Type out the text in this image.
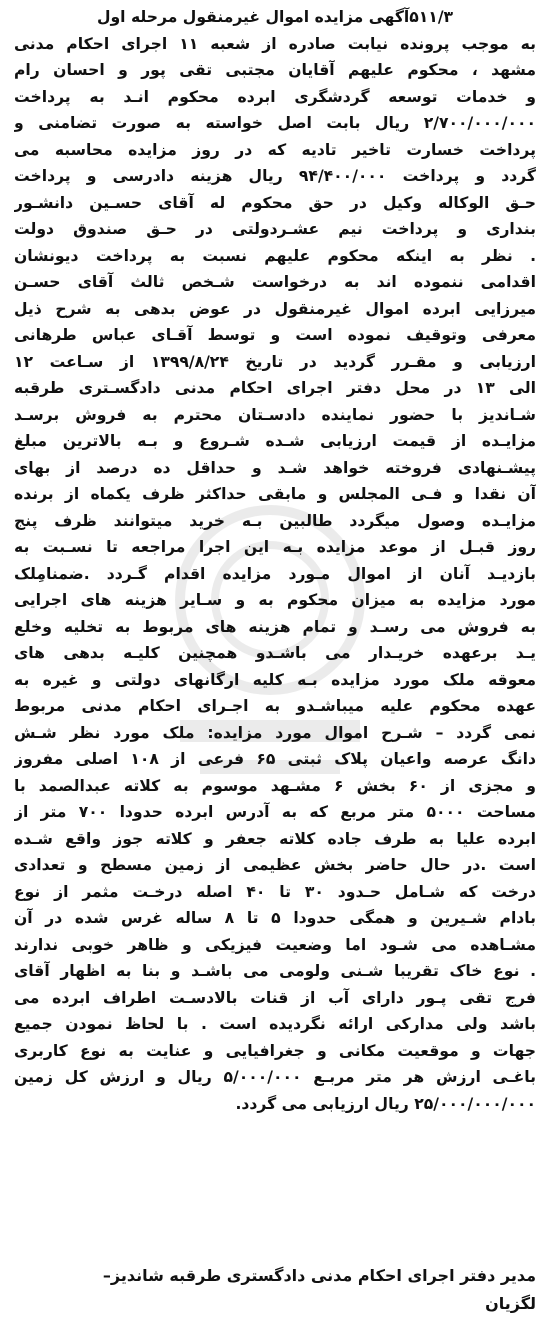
۵۱۱/۳آگهی مزایده اموال غیرمنقول مرحله اول
به موجب پرونده نیابت صادره از شعبه ۱۱ اجرای احکام مدنی
مشهد ، محکوم علیهم آقایان مجتبی تقی پور و احسان رام
و خدمات توسعه گردشگری ابرده محکوم انـد به پرداخت
۲/۷۰۰/۰۰۰/۰۰۰ ریال بابت اصل خواسته به صورت تضامنی و
پرداخت خسارت تاخیر تادیه که در روز مزایده محاسبه می
گردد و پرداخت ۹۴/۴۰۰/۰۰۰ ریال هزینه دادرسی و پرداخت
حـق الوکاله وکیل در حق محکوم له آقای حسـین دانشـور
بنداری و پرداخت نیم عشـردولتی در حـق صندوق دولت
. نظر به اینکه محکوم علیهم نسبت به پرداخت دیونشان
اقدامی ننموده اند به درخواست شـخص ثالث آقای حسـن
میرزایی ابرده اموال غیرمنقول در عوض بدهی به شرح ذیل
معرفی وتوقیف نموده است و توسط آقـای عباس طرهانی
ارزیابی و مقـرر گردید در تاریخ ۱۳۹۹/۸/۲۴ از سـاعت ۱۲
الی ۱۳ در محل دفتر اجرای احکام مدنی دادگسـتری طرقبه
شـاندیز با حضور نماینده دادسـتان محترم به فروش برسـد
مزایـده از قیمت ارزیابی شـده شـروع و بـه بالاترین مبلغ
پیشـنهادی فروخته خواهد شـد و حداقل ده درصد از بهای
آن نقدا و فـی المجلس و مابقی حداکثر ظرف یکماه از برنده
مزایـده وصول میگردد طالبین بـه خرید میتوانند ظرف پنج
روز قبـل از موعد مزایده بـه این اجرا مراجعه تا نسـبت به
بازدیـد آنان از اموال مـورد مزایده اقدام گـردد .ضمنامِلک
مورد مزایده به میزان محکوم به و سـایر هزینه های اجرایی
به فروش می رسـد و تمام هزینه های مربوط به تخلیه وخلع
یـد برعهده خریـدار می باشـدو همچنین کلیـه بدهی های
معوقه ملک مورد مزایده بـه کلیه ارگانهای دولتی و غیره به
عهده محکوم علیه میباشـدو به اجـرای احکام مدنی مربوط
نمی گردد – شـرح اموال مورد مزایده: ملک مورد نظر شـش
دانگ عرصه واعیان پلاک ثبتی ۶۵ فرعی از ۱۰۸ اصلی مفروز
و مجزی از ۶۰ بخش ۶ مشـهد موسوم به کلاته عبدالصمد با
مساحت ۵۰۰۰ متر مربع که به آدرس ابرده حدودا ۷۰۰ متر از
ابرده علیا به طرف جاده کلاته جعفر و کلاته جوز واقع شـده
است .در حال حاضر بخش عظیمی از زمین مسطح و تعدادی
درخت که شـامل حـدود ۳۰ تا ۴۰ اصله درخـت مثمر از نوع
بادام شـیرین و همگی حدودا ۵ تا ۸ ساله غرس شده در آن
مشـاهده می شـود اما وضعیت فیزیکی و ظاهر خوبی ندارند
. نوع خاک تقریبا شـنی ولومی می باشـد و بنا به اظهار آقای
فرج تقی پـور دارای آب از قنات بالادسـت اطراف ابرده می
باشد ولی مدارکی ارائه نگردیده است . با لحاظ نمودن جمیع
جهات و موقعیت مکانی و جغرافیایی و عنایت به نوع کاربری
باغـی ارزش هر متر مربـع ۵/۰۰۰/۰۰۰ ریال و ارزش کل زمین
۲۵/۰۰۰/۰۰۰/۰۰۰ ریال ارزیابی می گردد.
مدیر دفتر اجرای احکام مدنی دادگستری طرقبه شاندیز–
لگزیان
